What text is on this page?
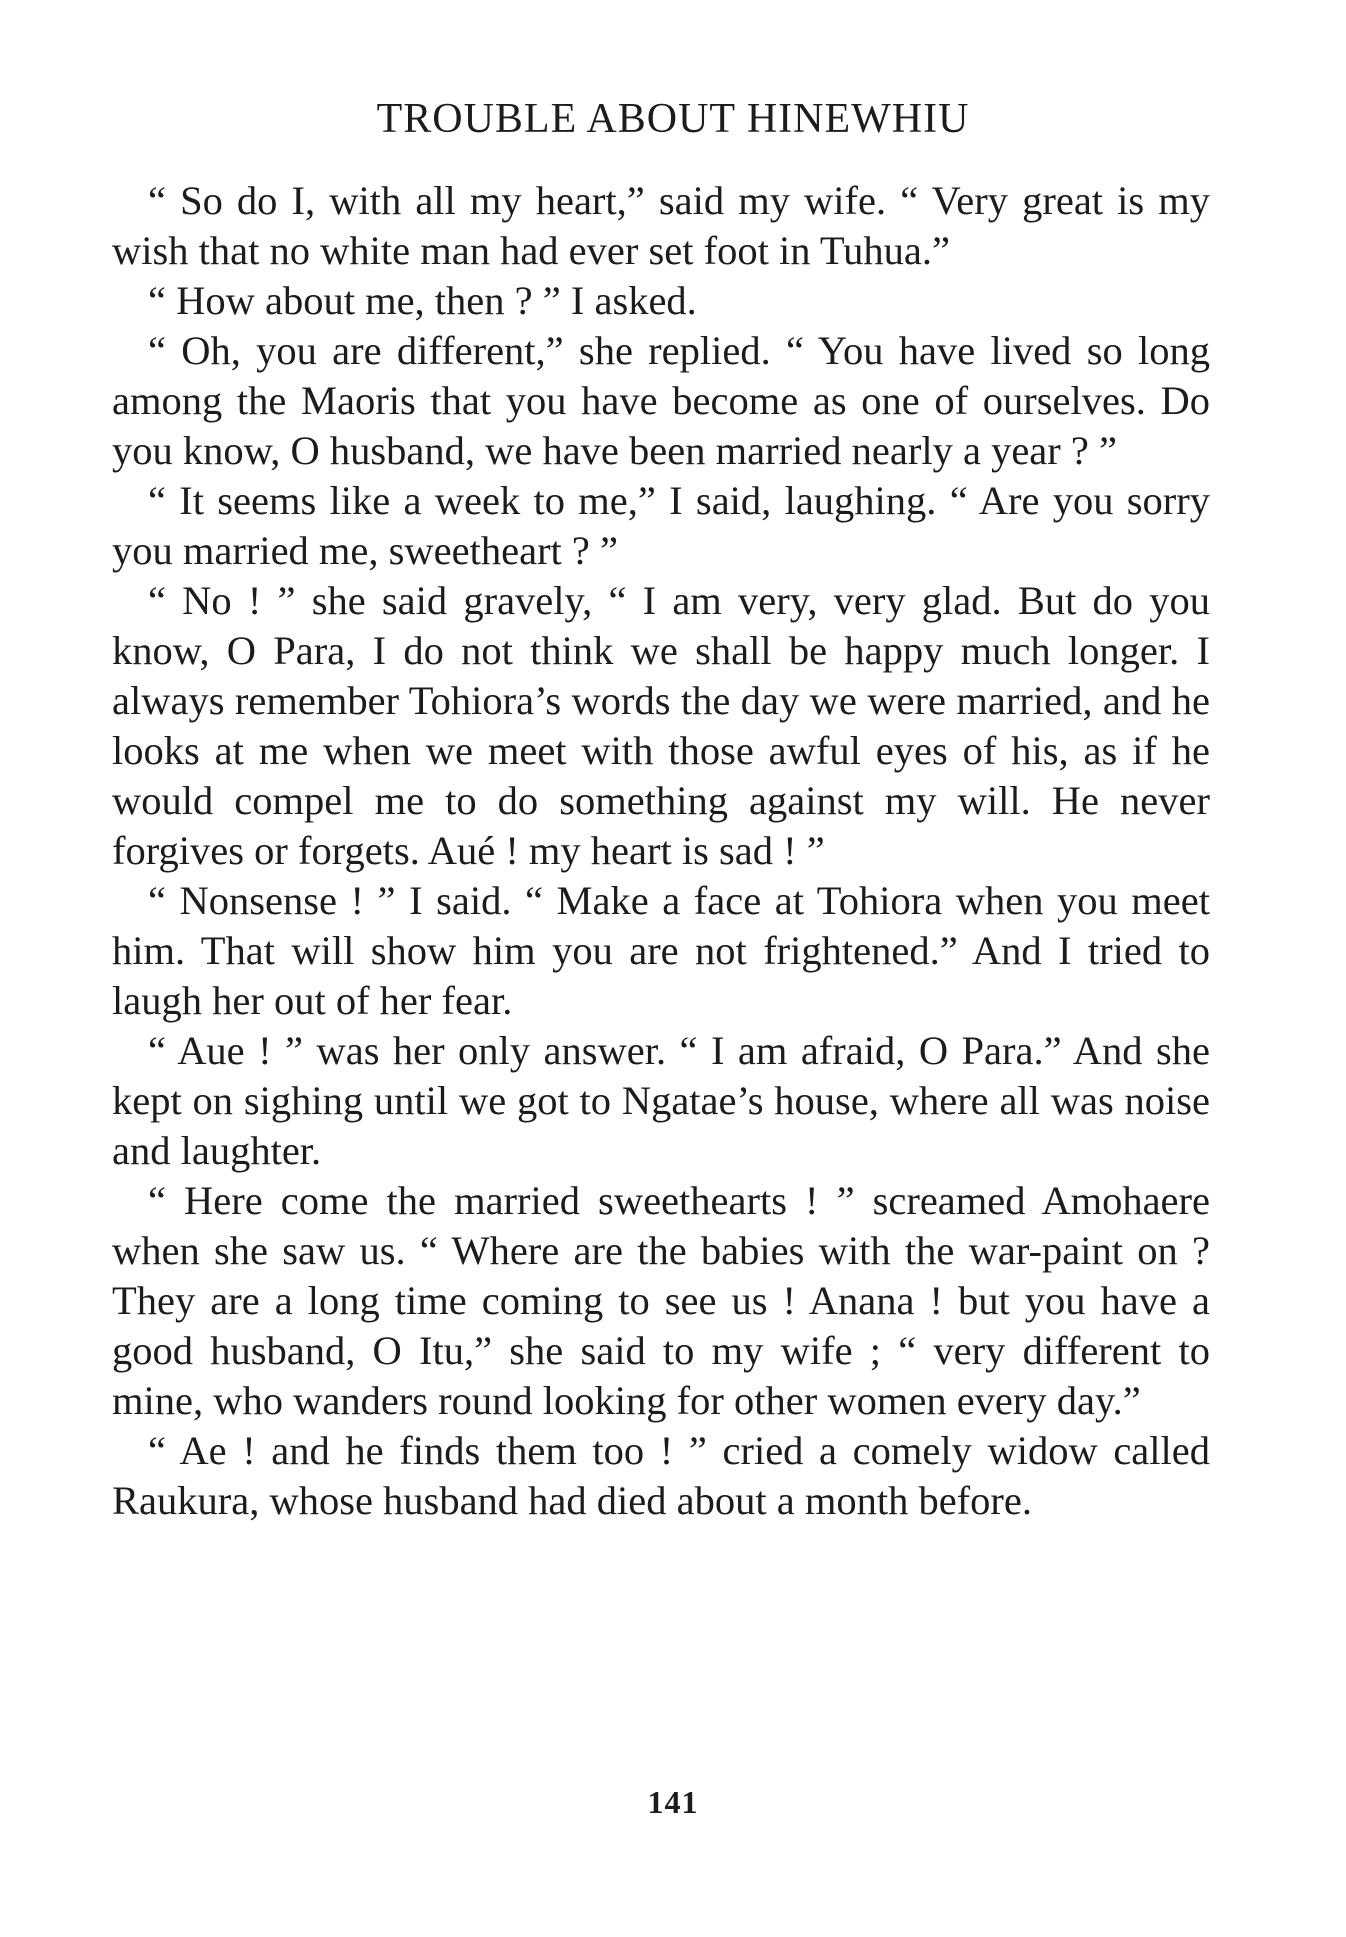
TROUBLE ABOUT HINEWHIU

“ So do I, with all my heart,” said my wife. “ Very great is my wish that no white man had ever set foot in Tuhua.”

“ How about me, then ? ” I asked.

“ Oh, you are different,” she replied. “ You have lived so long among the Maoris that you have become as one of ourselves. Do you know, O husband, we have been married nearly a year ? ”

“ It seems like a week to me,” I said, laughing. “ Are you sorry you married me, sweetheart ? ”

“ No ! ” she said gravely, “ I am very, very glad. But do you know, O Para, I do not think we shall be happy much longer. I always remember Tohiora’s words the day we were married, and he looks at me when we meet with those awful eyes of his, as if he would compel me to do something against my will. He never forgives or forgets. Aué ! my heart is sad ! ”

“ Nonsense ! ” I said. “ Make a face at Tohiora when you meet him. That will show him you are not frightened.” And I tried to laugh her out of her fear.

“ Aue ! ” was her only answer. “ I am afraid, O Para.” And she kept on sighing until we got to Ngatae’s house, where all was noise and laughter.

“ Here come the married sweethearts ! ” screamed Amohaere when she saw us. “ Where are the babies with the war-paint on ? They are a long time coming to see us ! Anana ! but you have a good husband, O Itu,” she said to my wife ; “ very different to mine, who wanders round looking for other women every day.”

“ Ae ! and he finds them too ! ” cried a comely widow called Raukura, whose husband had died about a month before.

141
